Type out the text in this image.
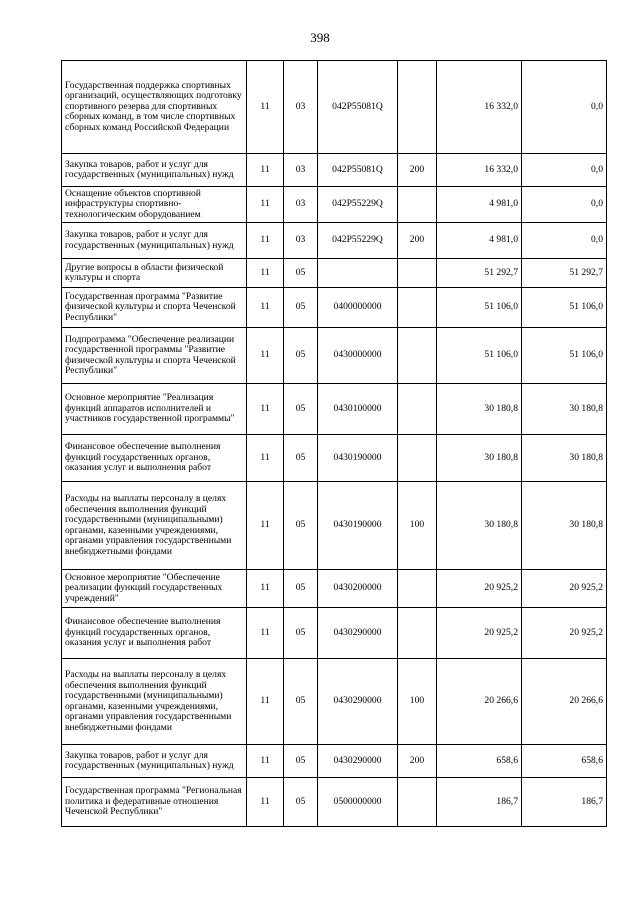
398
Государственная поддержка спортивных организаций, осуществляющих подготовку спортивного резерва для спортивных сборных команд, в том числе спортивных сборных команд Российской Федерации	11	03	042P55081Q		16 332,0	0,0
Закупка товаров, работ и услуг для государственных (муниципальных) нужд	11	03	042P55081Q	200	16 332,0	0,0
Оснащение объектов спортивной инфраструктуры спортивно-технологическим оборудованием	11	03	042P55229Q		4 981,0	0,0
Закупка товаров, работ и услуг для государственных (муниципальных) нужд	11	03	042P55229Q	200	4 981,0	0,0
Другие вопросы в области физической культуры и спорта	11	05			51 292,7	51 292,7
Государственная программа "Развитие физической культуры и спорта Чеченской Республики"	11	05	0400000000		51 106,0	51 106,0
Подпрограмма "Обеспечение реализации государственной программы "Развитие физической культуры и спорта Чеченской Республики"	11	05	0430000000		51 106,0	51 106,0
Основное мероприятие "Реализация функций аппаратов исполнителей и участников государственной программы"	11	05	0430100000		30 180,8	30 180,8
Финансовое обеспечение выполнения функций государственных органов, оказания услуг и выполнения работ	11	05	0430190000		30 180,8	30 180,8
Расходы на выплаты персоналу в целях обеспечения выполнения функций государственными (муниципальными) органами, казенными учреждениями, органами управления государственными внебюджетными фондами	11	05	0430190000	100	30 180,8	30 180,8
Основное мероприятие "Обеспечение реализации функций государственных учреждений"	11	05	0430200000		20 925,2	20 925,2
Финансовое обеспечение выполнения функций государственных органов, оказания услуг и выполнения работ	11	05	0430290000		20 925,2	20 925,2
Расходы на выплаты персоналу в целях обеспечения выполнения функций государственными (муниципальными) органами, казенными учреждениями, органами управления государственными внебюджетными фондами	11	05	0430290000	100	20 266,6	20 266,6
Закупка товаров, работ и услуг для государственных (муниципальных) нужд	11	05	0430290000	200	658,6	658,6
Государственная программа "Региональная политика и федеративные отношения Чеченской Республики"	11	05	0500000000		186,7	186,7
